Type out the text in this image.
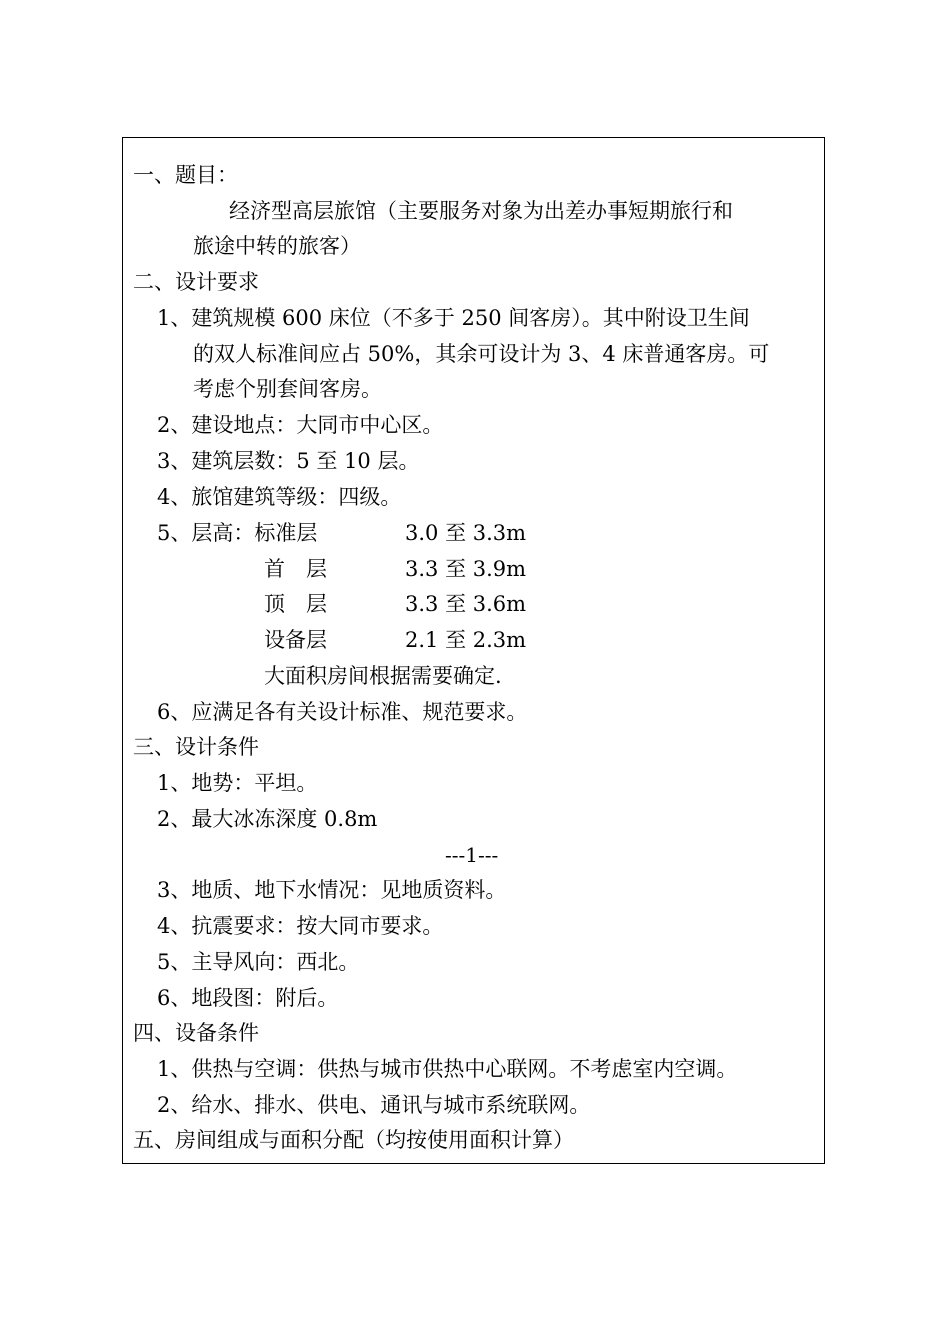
一、题目：
经济型高层旅馆（主要服务对象为出差办事短期旅行和
旅途中转的旅客）
二、设计要求
1、建筑规模 600 床位（不多于 250 间客房）。其中附设卫生间
的双人标准间应占 50%，其余可设计为 3、4 床普通客房。可
考虑个别套间客房。
2、建设地点：大同市中心区。
3、建筑层数：5 至 10 层。
4、旅馆建筑等级：四级。
5、层高：标准层	3.0 至 3.3m
首　层	3.3 至 3.9m
顶　层	3.3 至 3.6m
设备层	2.1 至 2.3m
大面积房间根据需要确定.
6、应满足各有关设计标准、规范要求。
三、设计条件
1、地势：平坦。
2、最大冰冻深度 0.8m
---1---
3、地质、地下水情况：见地质资料。
4、抗震要求：按大同市要求。
5、主导风向：西北。
6、地段图：附后。
四、设备条件
1、供热与空调：供热与城市供热中心联网。不考虑室内空调。
2、给水、排水、供电、通讯与城市系统联网。
五、房间组成与面积分配（均按使用面积计算）
